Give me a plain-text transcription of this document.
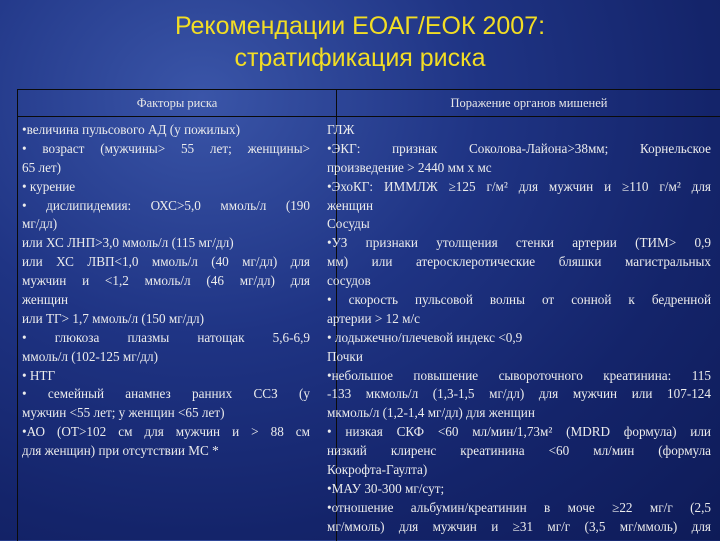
Рекомендации ЕОАГ/ЕОК 2007:
стратификация риска
Факторы риска	Поражение органов мишеней
•величина пульсового АД (у пожилых)
• возраст (мужчины> 55 лет; женщины>
65 лет)
• курение
• дислипидемия: ОХС>5,0 ммоль/л (190
мг/дл)
или ХС ЛНП>3,0 ммоль/л (115 мг/дл)
или ХС ЛВП<1,0 ммоль/л (40 мг/дл) для
мужчин и <1,2 ммоль/л (46 мг/дл) для
женщин
или ТГ> 1,7 ммоль/л (150 мг/дл)
• глюкоза плазмы натощак 5,6-6,9
ммоль/л (102-125 мг/дл)
• НТГ
• семейный анамнез ранних ССЗ (у
мужчин <55 лет; у женщин <65 лет)
•АО (ОТ>102 см для мужчин и > 88 см
для женщин) при отсутствии МС *
ГЛЖ
•ЭКГ: признак Соколова-Лайона>38мм; Корнельское
произведение > 2440 мм х мс
•ЭхоКГ: ИММЛЖ ≥125 г/м² для мужчин и ≥110 г/м² для
женщин
Сосуды
•УЗ признаки утолщения стенки артерии (ТИМ> 0,9
мм) или атеросклеротические бляшки магистральных
сосудов
• скорость пульсовой волны от сонной к бедренной
артерии > 12 м/с
• лодыжечно/плечевой индекс <0,9
Почки
•небольшое повышение сывороточного креатинина: 115
-133 мкмоль/л (1,3-1,5 мг/дл) для мужчин или 107-124
мкмоль/л (1,2-1,4 мг/дл) для женщин
• низкая СКФ <60 мл/мин/1,73м² (MDRD формула) или
низкий клиренс креатинина <60 мл/мин (формула
Кокрофта-Гаулта)
•МАУ 30-300 мг/сут;
•отношение альбумин/креатинин в моче ≥22 мг/г (2,5
мг/ммоль) для мужчин и ≥31 мг/г (3,5 мг/ммоль) для
